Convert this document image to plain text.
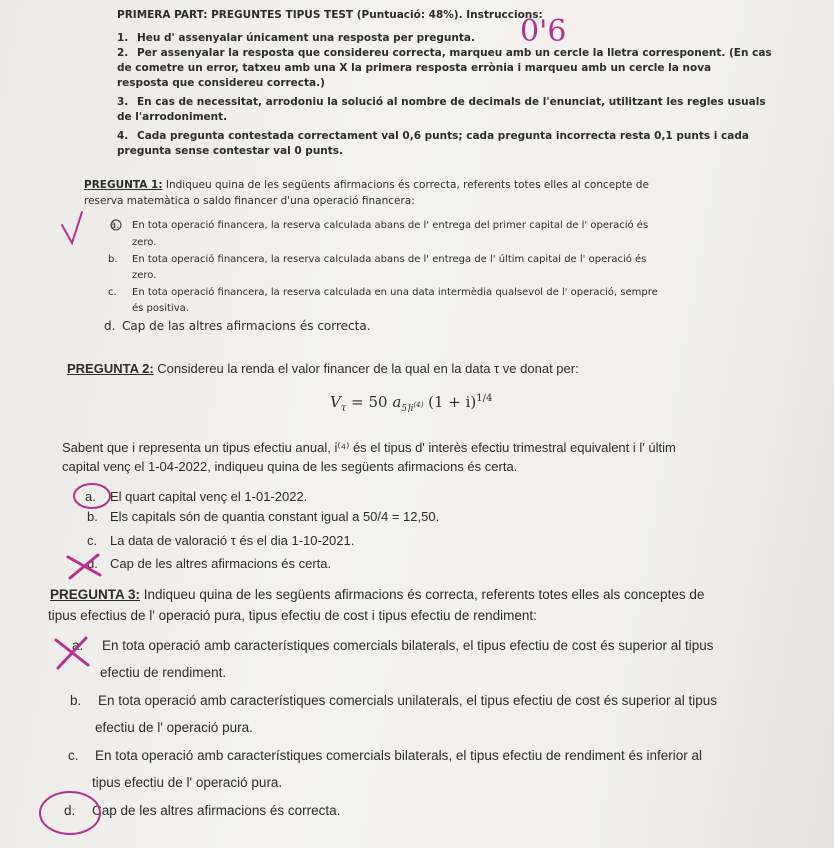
PRIMERA PART: PREGUNTES TIPUS TEST (Puntuació: 48%). Instruccions:
1. Heu d' assenyalar únicament una resposta per pregunta.
2. Per assenyalar la resposta que considereu correcta, marqueu amb un cercle la lletra corresponent. (En cas
de cometre un error, tatxeu amb una X la primera resposta errònia i marqueu amb un cercle la nova
resposta que considereu correcta.)
3. En cas de necessitat, arrodoniu la solució al nombre de decimals de l'enunciat, utilitzant les regles usuals
de l'arrodoniment.
4. Cada pregunta contestada correctament val 0,6 punts; cada pregunta incorrecta resta 0,1 punts i cada
pregunta sense contestar val 0 punts.
PREGUNTA 1: Indiqueu quina de les següents afirmacions és correcta, referents totes elles al concepte de
reserva matemàtica o saldo financer d'una operació financera:
a. En tota operació financera, la reserva calculada abans de l' entrega del primer capital de l' operació és
zero.
b. En tota operació financera, la reserva calculada abans de l' entrega de l' últim capital de l' operació és
zero.
c. En tota operació financera, la reserva calculada en una data intermèdia qualsevol de l' operació, sempre
és positiva.
d. Cap de las altres afirmacions és correcta.
PREGUNTA 2: Considereu la renda el valor financer de la qual en la data τ ve donat per:
$V_\tau = 50$ $a_{5⌉i^{(4)}}$ $(1 + i)^{1/4}$
Sabent que i representa un tipus efectiu anual, i⁽⁴⁾ és el tipus d' interès efectiu trimestral equivalent i l' últim
capital venç el 1-04-2022, indiqueu quina de les següents afirmacions és certa.
a. El quart capital venç el 1-01-2022.
b. Els capitals són de quantia constant igual a 50/4 = 12,50.
c. La data de valoració τ és el dia 1-10-2021.
d. Cap de les altres afirmacions és certa.
PREGUNTA 3: Indiqueu quina de les següents afirmacions és correcta, referents totes elles als conceptes de
tipus efectius de l' operació pura, tipus efectiu de cost i tipus efectiu de rendiment:
a. En tota operació amb característiques comercials bilaterals, el tipus efectiu de cost és superior al tipus
efectiu de rendiment.
b. En tota operació amb característiques comercials unilaterals, el tipus efectiu de cost és superior al tipus
efectiu de l' operació pura.
c. En tota operació amb característiques comercials bilaterals, el tipus efectiu de rendiment és inferior al
tipus efectiu de l' operació pura.
d. Cap de les altres afirmacions és correcta.
0'6
